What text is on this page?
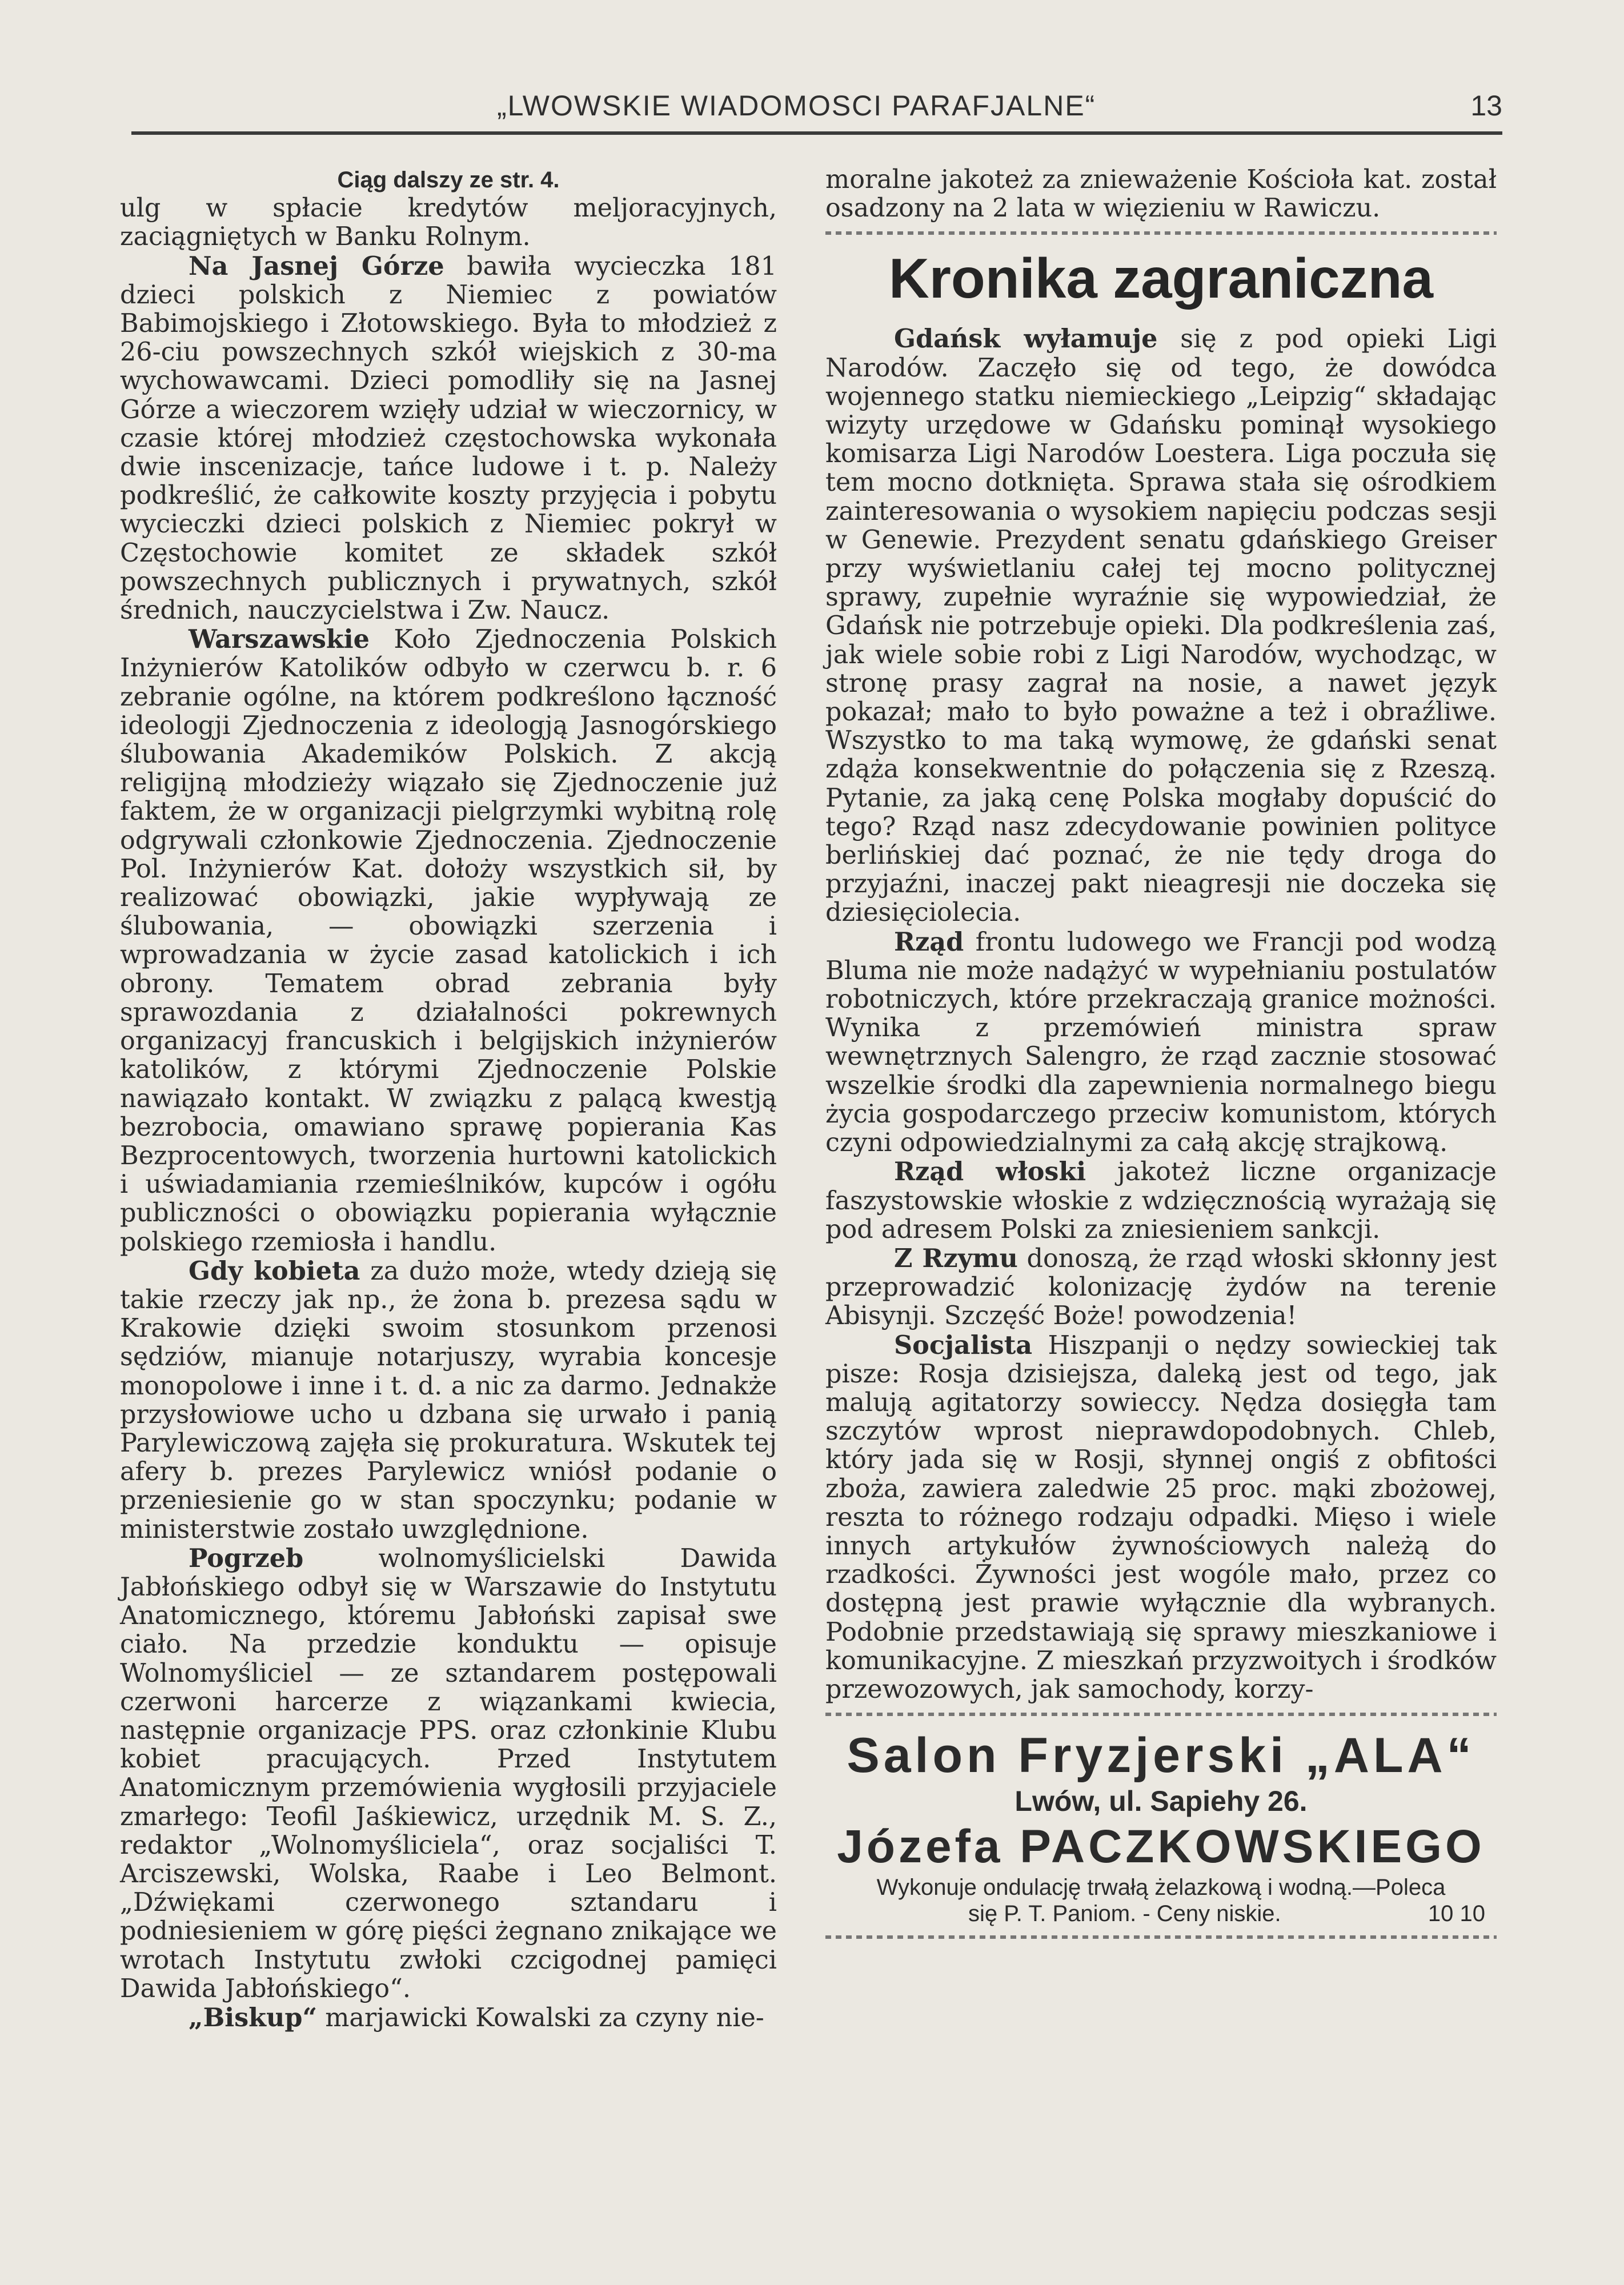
„LWOWSKIE WIADOMOSCI PARAFJALNE“	13
Ciąg dalszy ze str. 4.

ulg w spłacie kredytów meljoracyjnych, zaciągniętych w Banku Rolnym.

Na Jasnej Górze bawiła wycieczka 181 dzieci polskich z Niemiec z powiatów Babimojskiego i Złotowskiego. Była to młodzież z 26-ciu powszechnych szkół wiejskich z 30-ma wychowawcami. Dzieci pomodliły się na Jasnej Górze a wieczorem wzięły udział w wieczornicy, w czasie której młodzież częstochowska wykonała dwie inscenizacje, tańce ludowe i t. p. Należy podkreślić, że całkowite koszty przyjęcia i pobytu wycieczki dzieci polskich z Niemiec pokrył w Częstochowie komitet ze składek szkół powszechnych publicznych i prywatnych, szkół średnich, nauczycielstwa i Zw. Naucz.

Warszawskie Koło Zjednoczenia Polskich Inżynierów Katolików odbyło w czerwcu b. r. 6 zebranie ogólne, na którem podkreślono łączność ideologji Zjednoczenia z ideologją Jasnogórskiego ślubowania Akademików Polskich. Z akcją religijną młodzieży wiązało się Zjednoczenie już faktem, że w organizacji pielgrzymki wybitną rolę odgrywali członkowie Zjednoczenia. Zjednoczenie Pol. Inżynierów Kat. dołoży wszystkich sił, by realizować obowiązki, jakie wypływają ze ślubowania, — obowiązki szerzenia i wprowadzania w życie zasad katolickich i ich obrony. Tematem obrad zebrania były sprawozdania z działalności pokrewnych organizacyj francuskich i belgijskich inżynierów katolików, z którymi Zjednoczenie Polskie nawiązało kontakt. W związku z palącą kwestją bezrobocia, omawiano sprawę popierania Kas Bezprocentowych, tworzenia hurtowni katolickich i uświadamiania rzemieślników, kupców i ogółu publiczności o obowiązku popierania wyłącznie polskiego rzemiosła i handlu.

Gdy kobieta za dużo może, wtedy dzieją się takie rzeczy jak np., że żona b. prezesa sądu w Krakowie dzięki swoim stosunkom przenosi sędziów, mianuje notarjuszy, wyrabia koncesje monopolowe i inne i t. d. a nic za darmo. Jednakże przysłowiowe ucho u dzbana się urwało i panią Parylewiczową zajęła się prokuratura. Wskutek tej afery b. prezes Parylewicz wniósł podanie o przeniesienie go w stan spoczynku; podanie w ministerstwie zostało uwzględnione.

Pogrzeb wolnomyślicielski Dawida Jabłońskiego odbył się w Warszawie do Instytutu Anatomicznego, któremu Jabłoński zapisał swe ciało. Na przedzie konduktu — opisuje Wolnomyśliciel — ze sztandarem postępowali czerwoni harcerze z wiązankami kwiecia, następnie organizacje PPS. oraz członkinie Klubu kobiet pracujących. Przed Instytutem Anatomicznym przemówienia wygłosili przyjaciele zmarłego: Teofil Jaśkiewicz, urzędnik M. S. Z., redaktor „Wolnomyśliciela“, oraz socjaliści T. Arciszewski, Wolska, Raabe i Leo Belmont. „Dźwiękami czerwonego sztandaru i podniesieniem w górę pięści żegnano znikające we wrotach Instytutu zwłoki czcigodnej pamięci Dawida Jabłońskiego“.

„Biskup“ marjawicki Kowalski za czyny nie-

moralne jakoteż za znieważenie Kościoła kat. został osadzony na 2 lata w więzieniu w Rawiczu.

Kronika zagraniczna

Gdańsk wyłamuje się z pod opieki Ligi Narodów. Zaczęło się od tego, że dowódca wojennego statku niemieckiego „Leipzig“ składając wizyty urzędowe w Gdańsku pominął wysokiego komisarza Ligi Narodów Loestera. Liga poczuła się tem mocno dotknięta. Sprawa stała się ośrodkiem zainteresowania o wysokiem napięciu podczas sesji w Genewie. Prezydent senatu gdańskiego Greiser przy wyświetlaniu całej tej mocno politycznej sprawy, zupełnie wyraźnie się wypowiedział, że Gdańsk nie potrzebuje opieki. Dla podkreślenia zaś, jak wiele sobie robi z Ligi Narodów, wychodząc, w stronę prasy zagrał na nosie, a nawet język pokazał; mało to było poważne a też i obraźliwe. Wszystko to ma taką wymowę, że gdański senat zdąża konsekwentnie do połączenia się z Rzeszą. Pytanie, za jaką cenę Polska mogłaby dopuścić do tego? Rząd nasz zdecydowanie powinien polityce berlińskiej dać poznać, że nie tędy droga do przyjaźni, inaczej pakt nieagresji nie doczeka się dziesięciolecia.

Rząd frontu ludowego we Francji pod wodzą Bluma nie może nadążyć w wypełnianiu postulatów robotniczych, które przekraczają granice możności. Wynika z przemówień ministra spraw wewnętrznych Salengro, że rząd zacznie stosować wszelkie środki dla zapewnienia normalnego biegu życia gospodarczego przeciw komunistom, których czyni odpowiedzialnymi za całą akcję strajkową.

Rząd włoski jakoteż liczne organizacje faszystowskie włoskie z wdzięcznością wyrażają się pod adresem Polski za zniesieniem sankcji.

Z Rzymu donoszą, że rząd włoski skłonny jest przeprowadzić kolonizację żydów na terenie Abisynji. Szczęść Boże! powodzenia!

Socjalista Hiszpanji o nędzy sowieckiej tak pisze: Rosja dzisiejsza, daleką jest od tego, jak malują agitatorzy sowieccy. Nędza dosięgła tam szczytów wprost nieprawdopodobnych. Chleb, który jada się w Rosji, słynnej ongiś z obfitości zboża, zawiera zaledwie 25 proc. mąki zbożowej, reszta to różnego rodzaju odpadki. Mięso i wiele innych artykułów żywnościowych należą do rzadkości. Żywności jest wogóle mało, przez co dostępną jest prawie wyłącznie dla wybranych. Podobnie przedstawiają się sprawy mieszkaniowe i komunikacyjne. Z mieszkań przyzwoitych i środków przewozowych, jak samochody, korzy-

Salon Fryzjerski „ALA“
Lwów, ul. Sapiehy 26.
Józefa PACZKOWSKIEGO
Wykonuje ondulację trwałą żelazkową i wodną.—Poleca
się P. T. Paniom. - Ceny niskie.	10 10
